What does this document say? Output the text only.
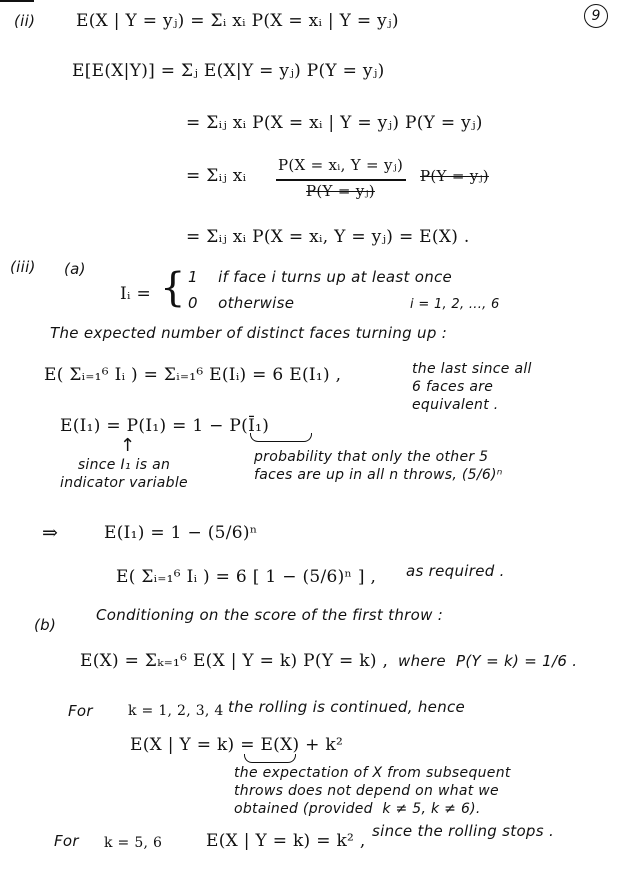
9
(ii) E(X | Y = yⱼ) = Σᵢ xᵢ P(X = xᵢ | Y = yⱼ)
E[E(X|Y)] = Σⱼ E(X|Y = yⱼ) P(Y = yⱼ)
= Σᵢⱼ xᵢ P(X = xᵢ | Y = yⱼ) P(Y = yⱼ)
= Σᵢⱼ xᵢ
P(X = xᵢ, Y = yⱼ)
P(Y = yⱼ)
P(Y = yⱼ)
= Σᵢⱼ xᵢ P(X = xᵢ, Y = yⱼ) = E(X) .
(iii) (a)
Iᵢ = { 1    if face i turns up at least once
0    otherwise	i = 1, 2, ..., 6
The expected number of distinct faces turning up :
E( Σᵢ₌₁⁶ Iᵢ ) = Σᵢ₌₁⁶ E(Iᵢ) = 6 E(I₁) ,	the last since all
6 faces are
equivalent .
E(I₁) = P(I₁) = 1 − P(Ī₁)
↑
since I₁ is an
indicator variable
probability that only the other 5
faces are up in all n throws, (5/6)ⁿ
⇒	E(I₁) = 1 − (5/6)ⁿ
E( Σᵢ₌₁⁶ Iᵢ ) = 6 [ 1 − (5/6)ⁿ ] , as required .
(b)
Conditioning on the score of the first throw :
E(X) = Σₖ₌₁⁶ E(X | Y = k) P(Y = k) , where  P(Y = k) = 1/6 .
For	k = 1, 2, 3, 4 the rolling is continued, hence
E(X | Y = k) = E(X) + k²
the expectation of X from subsequent
throws does not depend on what we
obtained (provided  k ≠ 5, k ≠ 6).
For k = 5, 6	E(X | Y = k) = k² , since the rolling stops .
